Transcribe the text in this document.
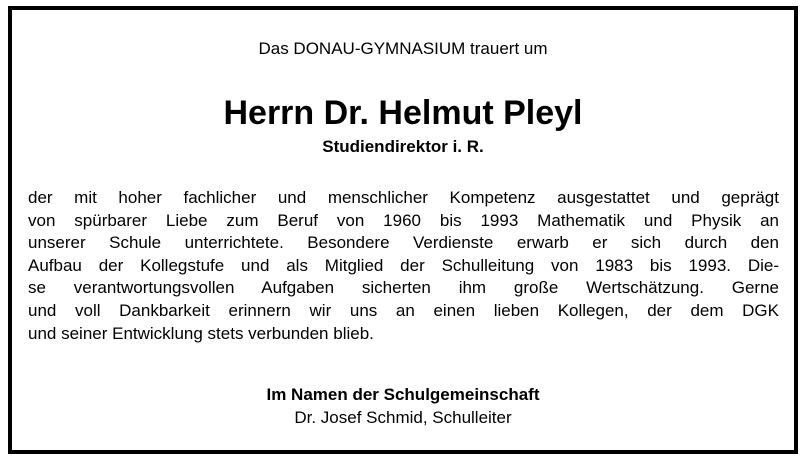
Das DONAU-GYMNASIUM trauert um
Herrn Dr. Helmut Pleyl
Studiendirektor i. R.
der mit hoher fachlicher und menschlicher Kompetenz ausgestattet und geprägt
von spürbarer Liebe zum Beruf von 1960 bis 1993 Mathematik und Physik an
unserer Schule unterrichtete. Besondere Verdienste erwarb er sich durch den
Aufbau der Kollegstufe und als Mitglied der Schulleitung von 1983 bis 1993. Die-
se verantwortungsvollen Aufgaben sicherten ihm große Wertschätzung. Gerne
und voll Dankbarkeit erinnern wir uns an einen lieben Kollegen, der dem DGK
und seiner Entwicklung stets verbunden blieb.
Im Namen der Schulgemeinschaft
Dr. Josef Schmid, Schulleiter
